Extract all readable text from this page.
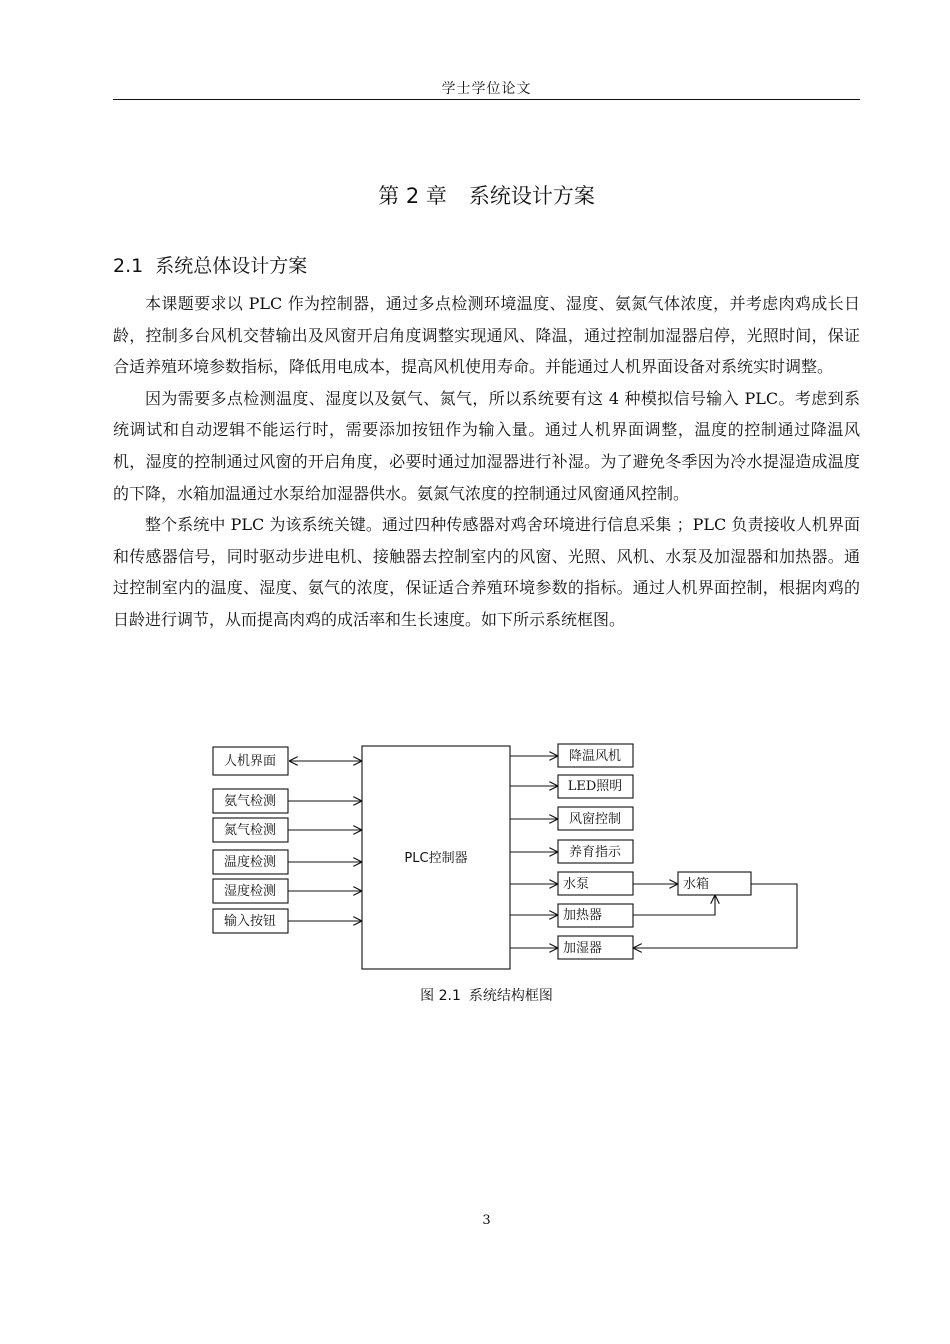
学士学位论文
第 2 章 系统设计方案
2.1 系统总体设计方案

本课题要求以 PLC 作为控制器，通过多点检测环境温度、湿度、氨氮气体浓度，并考虑肉鸡成长日龄，控制多台风机交替输出及风窗开启角度调整实现通风、降温，通过控制加湿器启停，光照时间，保证合适养殖环境参数指标，降低用电成本，提高风机使用寿命。并能通过人机界面设备对系统实时调整。

因为需要多点检测温度、湿度以及氨气、氮气，所以系统要有这 4 种模拟信号输入 PLC。考虑到系统调试和自动逻辑不能运行时，需要添加按钮作为输入量。通过人机界面调整，温度的控制通过降温风机，湿度的控制通过风窗的开启角度，必要时通过加湿器进行补湿。为了避免冬季因为冷水提湿造成温度的下降，水箱加温通过水泵给加湿器供水。氨氮气浓度的控制通过风窗通风控制。

整个系统中 PLC 为该系统关键。通过四种传感器对鸡舍环境进行信息采集 ；PLC 负责接收人机界面和传感器信号，同时驱动步进电机、接触器去控制室内的风窗、光照、风机、水泵及加湿器和加热器。通过控制室内的温度、湿度、氨气的浓度，保证适合养殖环境参数的指标。通过人机界面控制，根据肉鸡的日龄进行调节，从而提高肉鸡的成活率和生长速度。如下所示系统框图。

人机界面
氨气检测
氮气检测
温度检测
湿度检测
输入按钮
PLC控制器
降温风机
LED照明
风窗控制
养育指示
水泵
加热器
加湿器
水箱
图 2.1 系统结构框图
3
